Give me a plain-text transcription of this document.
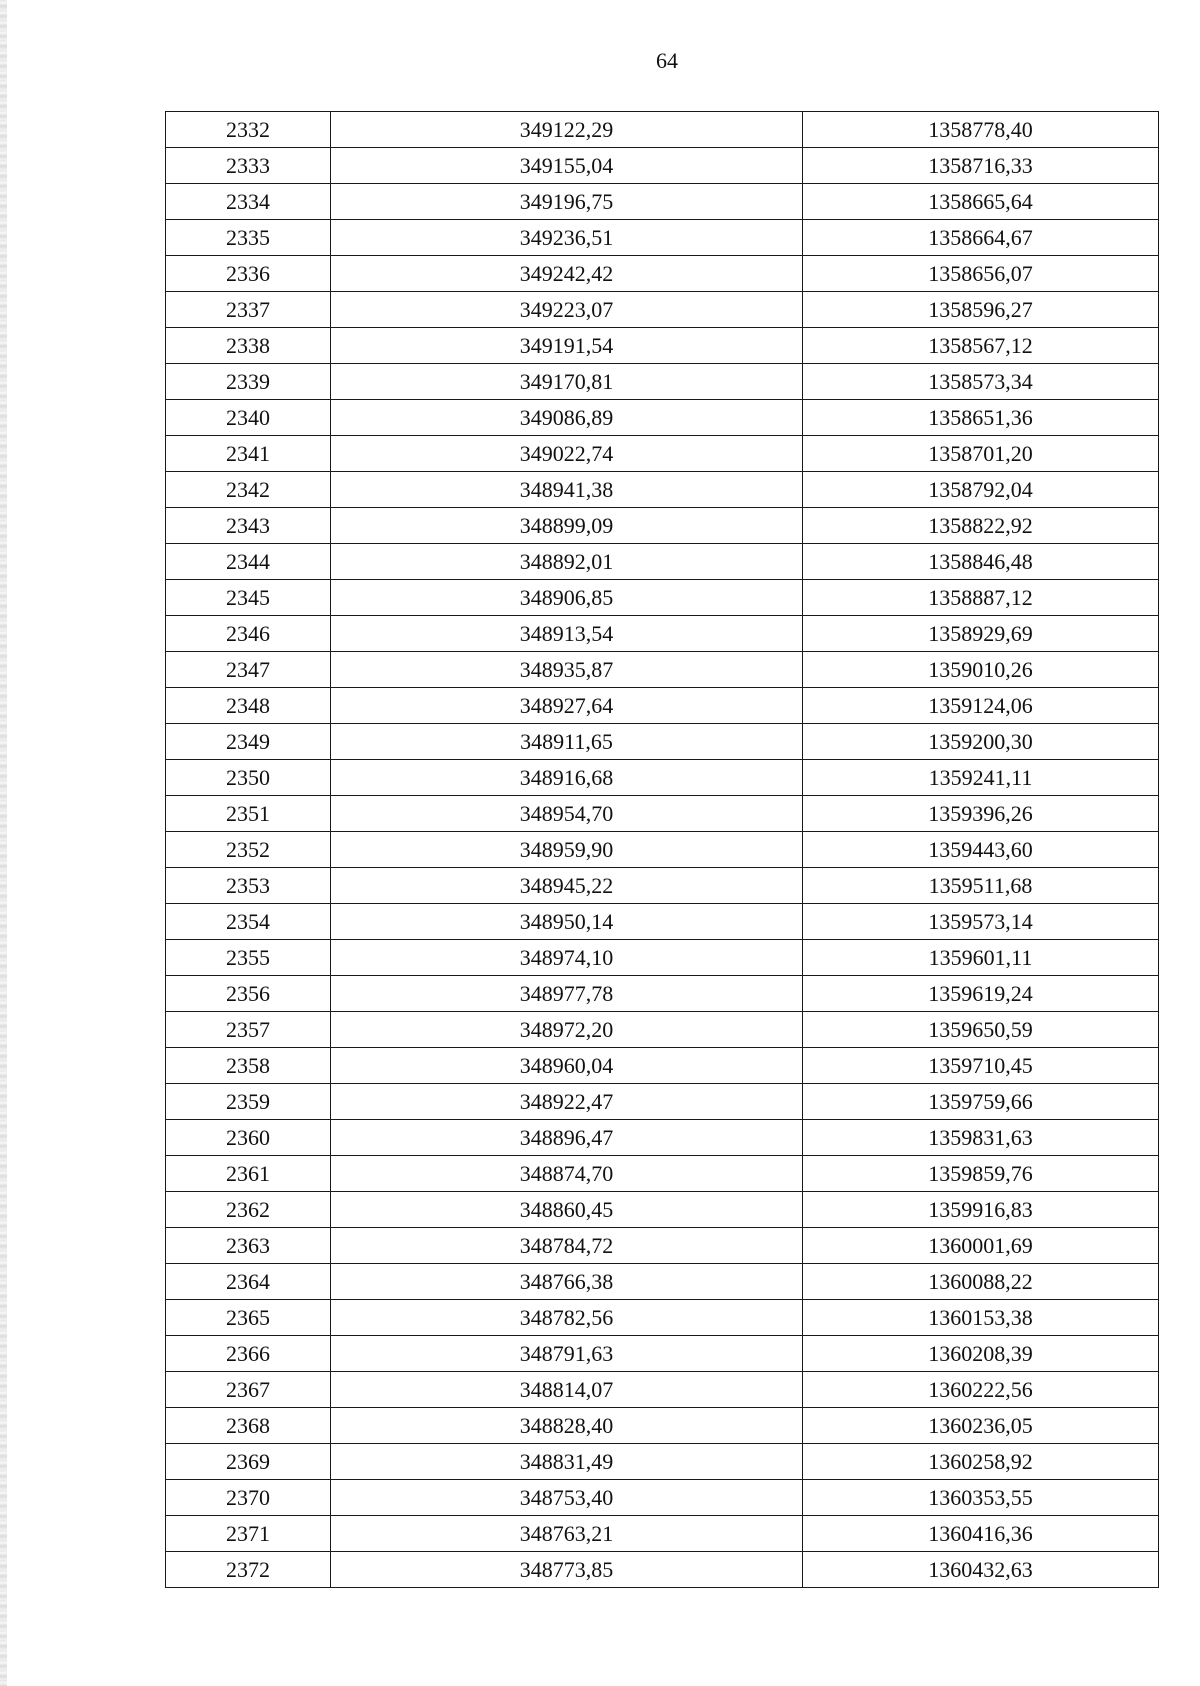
64
2332	349122,29	1358778,40
2333	349155,04	1358716,33
2334	349196,75	1358665,64
2335	349236,51	1358664,67
2336	349242,42	1358656,07
2337	349223,07	1358596,27
2338	349191,54	1358567,12
2339	349170,81	1358573,34
2340	349086,89	1358651,36
2341	349022,74	1358701,20
2342	348941,38	1358792,04
2343	348899,09	1358822,92
2344	348892,01	1358846,48
2345	348906,85	1358887,12
2346	348913,54	1358929,69
2347	348935,87	1359010,26
2348	348927,64	1359124,06
2349	348911,65	1359200,30
2350	348916,68	1359241,11
2351	348954,70	1359396,26
2352	348959,90	1359443,60
2353	348945,22	1359511,68
2354	348950,14	1359573,14
2355	348974,10	1359601,11
2356	348977,78	1359619,24
2357	348972,20	1359650,59
2358	348960,04	1359710,45
2359	348922,47	1359759,66
2360	348896,47	1359831,63
2361	348874,70	1359859,76
2362	348860,45	1359916,83
2363	348784,72	1360001,69
2364	348766,38	1360088,22
2365	348782,56	1360153,38
2366	348791,63	1360208,39
2367	348814,07	1360222,56
2368	348828,40	1360236,05
2369	348831,49	1360258,92
2370	348753,40	1360353,55
2371	348763,21	1360416,36
2372	348773,85	1360432,63
